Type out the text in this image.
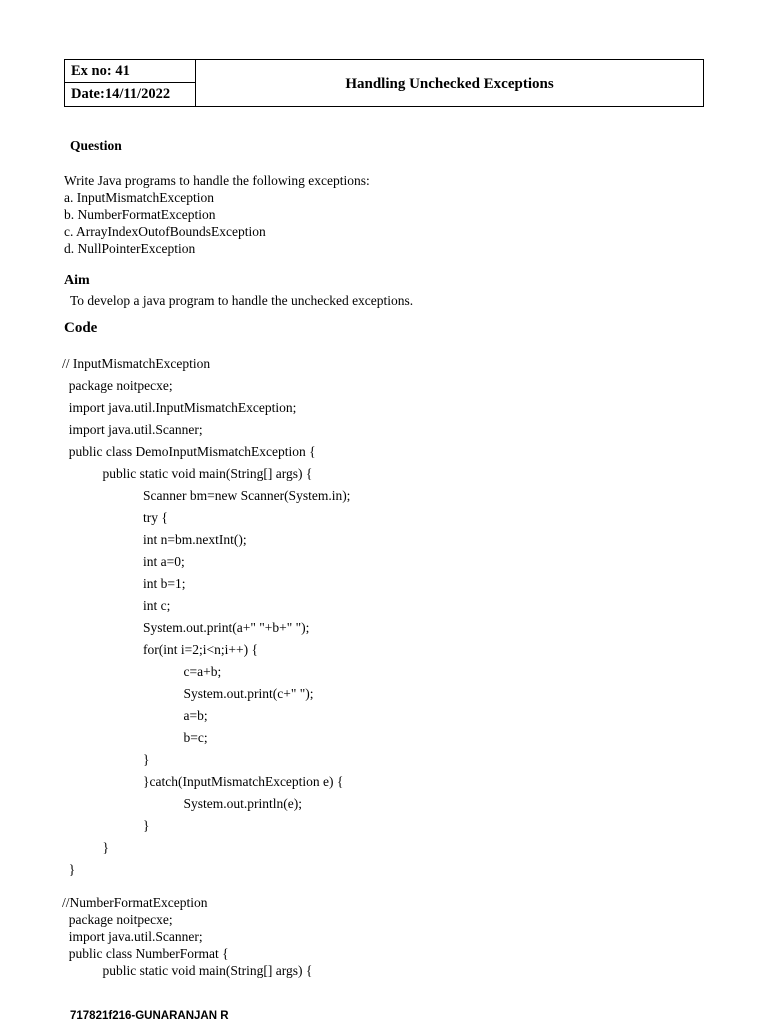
Ex no: 41
Date:14/11/2022
Handling Unchecked Exceptions
Question
Write Java programs to handle the following exceptions:
a. InputMismatchException
b. NumberFormatException
c. ArrayIndexOutofBoundsException
d. NullPointerException
Aim
To develop a java program to handle the unchecked exceptions.
Code
// InputMismatchException
package noitpecxe;
import java.util.InputMismatchException;
import java.util.Scanner;
public class DemoInputMismatchException {
public static void main(String[] args) {
Scanner bm=new Scanner(System.in);
try {
int n=bm.nextInt();
int a=0;
int b=1;
int c;
System.out.print(a+" "+b+" ");
for(int i=2;i<n;i++) {
c=a+b;
System.out.print(c+" ");
a=b;
b=c;
}
}catch(InputMismatchException e) {
System.out.println(e);
}
}
}
//NumberFormatException
package noitpecxe;
import java.util.Scanner;
public class NumberFormat {
public static void main(String[] args) {
717821f216-GUNARANJAN R
